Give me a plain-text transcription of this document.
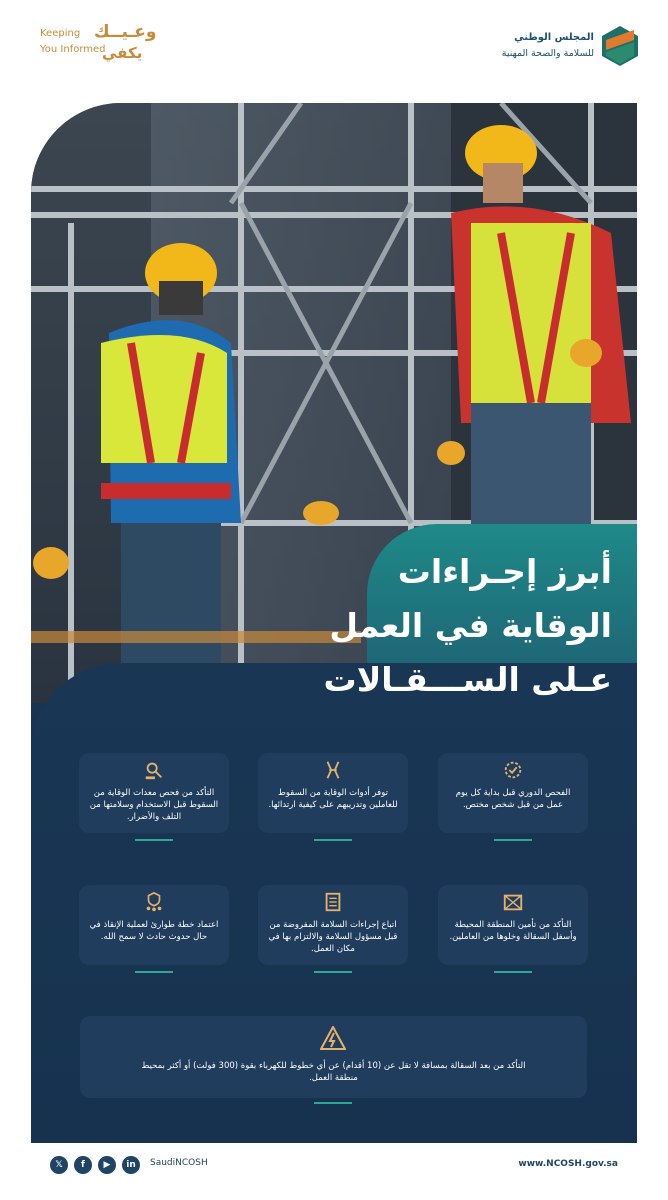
Keeping
You Informed
وعـيــك
يكفي
المجلس الوطني
للسلامة والصحة المهنية
أبرز إجـراءات
الوقاية في العمل
عـلى الســـقـالات
الفحص الدوري قبل بداية كل يوم عمل من قبل شخص مختص.
توفر أدوات الوقاية من السقوط للعاملين وتدريبهم على كيفية ارتدائها.
التأكد من فحص معدات الوقاية من السقوط قبل الاستخدام وسلامتها من التلف والأضرار.
التأكد من تأمين المنطقة المحيطة وأسفل السقالة وخلوها من العاملين.
اتباع إجراءات السلامة المفروضة من قبل مسؤول السلامة والالتزام بها في مكان العمل.
اعتماد خطة طوارئ لعملية الإنقاذ في حال حدوث حادث لا سمح الله.
التأكد من بعد السقالة بمسافة لا تقل عن (10 أقدام) عن أي خطوط للكهرباء بقوة (300 فولت) أو أكثر بمحيط منطقة العمل.
𝕏	f	▶	in	SaudiNCOSH	www.NCOSH.gov.sa
